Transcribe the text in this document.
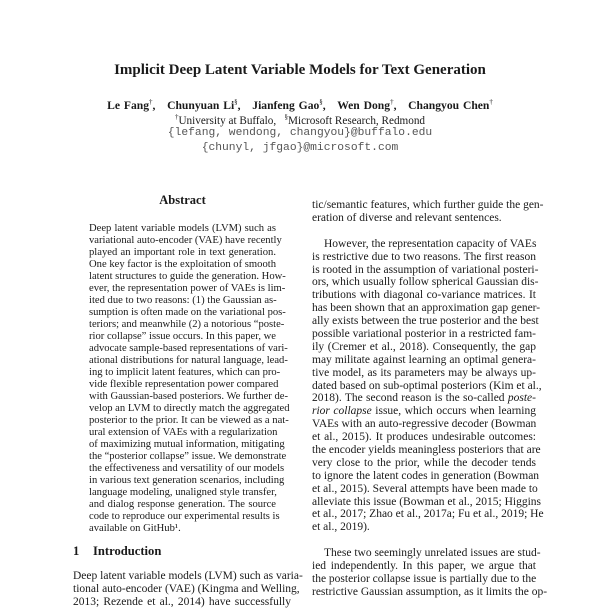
Implicit Deep Latent Variable Models for Text Generation
Le Fang†,   Chunyuan Li§,   Jianfeng Gao§,   Wen Dong†,   Changyou Chen†
†University at Buffalo, §Microsoft Research, Redmond
{lefang, wendong, changyou}@buffalo.edu
{chunyl, jfgao}@microsoft.com
Abstract
Deep latent variable models (LVM) such as
variational auto-encoder (VAE) have recently
played an important role in text generation.
One key factor is the exploitation of smooth
latent structures to guide the generation. How-
ever, the representation power of VAEs is lim-
ited due to two reasons: (1) the Gaussian as-
sumption is often made on the variational pos-
teriors; and meanwhile (2) a notorious “poste-
rior collapse” issue occurs. In this paper, we
advocate sample-based representations of vari-
ational distributions for natural language, lead-
ing to implicit latent features, which can pro-
vide flexible representation power compared
with Gaussian-based posteriors. We further de-
velop an LVM to directly match the aggregated
posterior to the prior. It can be viewed as a nat-
ural extension of VAEs with a regularization
of maximizing mutual information, mitigating
the “posterior collapse” issue. We demonstrate
the effectiveness and versatility of our models
in various text generation scenarios, including
language modeling, unaligned style transfer,
and dialog response generation. The source
code to reproduce our experimental results is
available on GitHub¹.
1 Introduction
Deep latent variable models (LVM) such as varia-
tional auto-encoder (VAE) (Kingma and Welling,
2013; Rezende et al., 2014) have successfully
tic/semantic features, which further guide the gen-
eration of diverse and relevant sentences.
However, the representation capacity of VAEs
is restrictive due to two reasons. The first reason
is rooted in the assumption of variational posteri-
ors, which usually follow spherical Gaussian dis-
tributions with diagonal co-variance matrices. It
has been shown that an approximation gap gener-
ally exists between the true posterior and the best
possible variational posterior in a restricted fam-
ily (Cremer et al., 2018). Consequently, the gap
may militate against learning an optimal genera-
tive model, as its parameters may be always up-
dated based on sub-optimal posteriors (Kim et al.,
2018). The second reason is the so-called poste-
rior collapse issue, which occurs when learning
VAEs with an auto-regressive decoder (Bowman
et al., 2015). It produces undesirable outcomes:
the encoder yields meaningless posteriors that are
very close to the prior, while the decoder tends
to ignore the latent codes in generation (Bowman
et al., 2015). Several attempts have been made to
alleviate this issue (Bowman et al., 2015; Higgins
et al., 2017; Zhao et al., 2017a; Fu et al., 2019; He
et al., 2019).
These two seemingly unrelated issues are stud-
ied independently. In this paper, we argue that
the posterior collapse issue is partially due to the
restrictive Gaussian assumption, as it limits the op-
